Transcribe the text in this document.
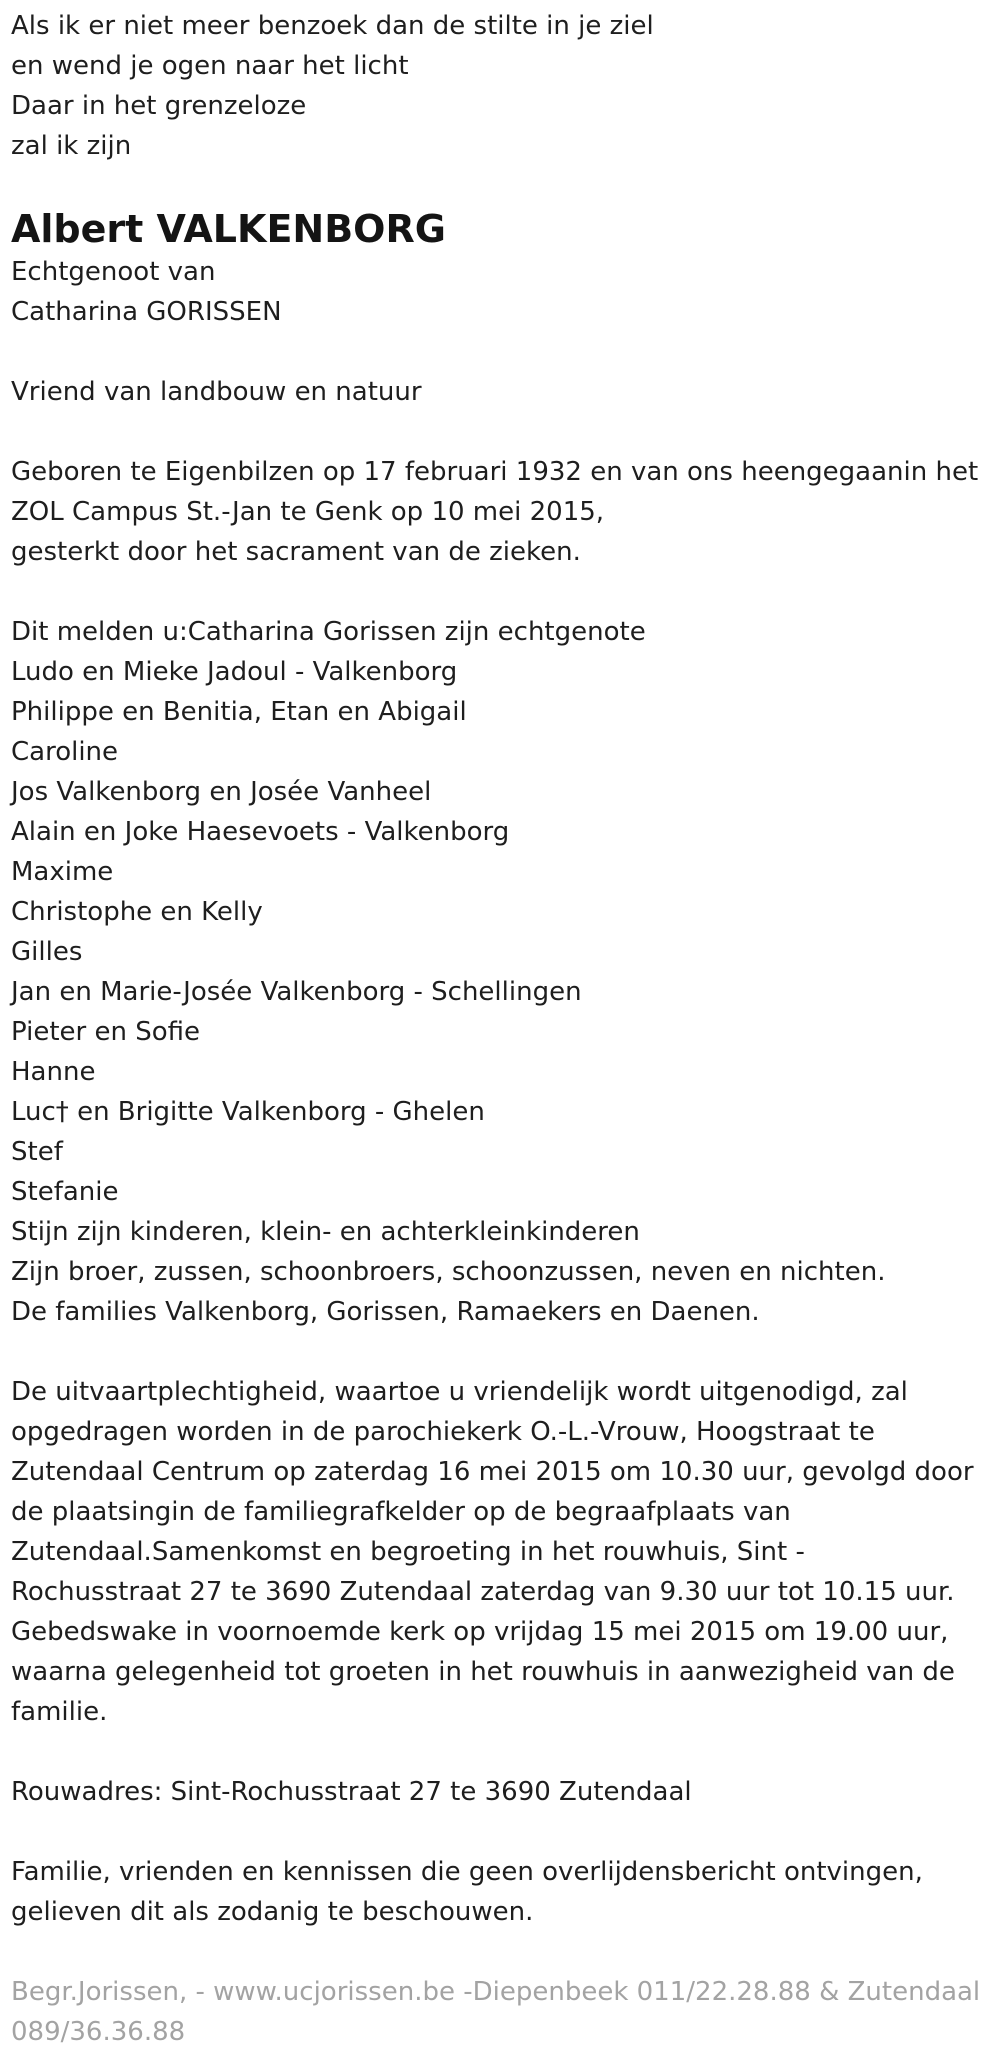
Als ik er niet meer benzoek dan de stilte in je ziel

en wend je ogen naar het licht

Daar in het grenzeloze

zal ik zijn

Albert VALKENBORG

Echtgenoot van

Catharina GORISSEN

Vriend van landbouw en natuur

Geboren te Eigenbilzen op 17 februari 1932 en van ons heengegaanin het

ZOL Campus St.-Jan te Genk op 10 mei 2015,

gesterkt door het sacrament van de zieken.

Dit melden u:Catharina Gorissen zijn echtgenote

Ludo en Mieke Jadoul - Valkenborg

Philippe en Benitia, Etan en Abigail

Caroline

Jos Valkenborg en Josée Vanheel

Alain en Joke Haesevoets - Valkenborg

Maxime

Christophe en Kelly

Gilles

Jan en Marie-Josée Valkenborg - Schellingen

Pieter en Sofie

Hanne

Luc† en Brigitte Valkenborg - Ghelen

Stef

Stefanie

Stijn zijn kinderen, klein- en achterkleinkinderen

Zijn broer, zussen, schoonbroers, schoonzussen, neven en nichten.

De families Valkenborg, Gorissen, Ramaekers en Daenen.

De uitvaartplechtigheid, waartoe u vriendelijk wordt uitgenodigd, zal

opgedragen worden in de parochiekerk O.-L.-Vrouw, Hoogstraat te

Zutendaal Centrum op zaterdag 16 mei 2015 om 10.30 uur, gevolgd door

de plaatsingin de familiegrafkelder op de begraafplaats van

Zutendaal.Samenkomst en begroeting in het rouwhuis, Sint -

Rochusstraat 27 te 3690 Zutendaal zaterdag van 9.30 uur tot 10.15 uur.

Gebedswake in voornoemde kerk op vrijdag 15 mei 2015 om 19.00 uur,

waarna gelegenheid tot groeten in het rouwhuis in aanwezigheid van de

familie.

Rouwadres: Sint-Rochusstraat 27 te 3690 Zutendaal

Familie, vrienden en kennissen die geen overlijdensbericht ontvingen,

gelieven dit als zodanig te beschouwen.

Begr.Jorissen, - www.ucjorissen.be -Diepenbeek 011/22.28.88 & Zutendaal

089/36.36.88
